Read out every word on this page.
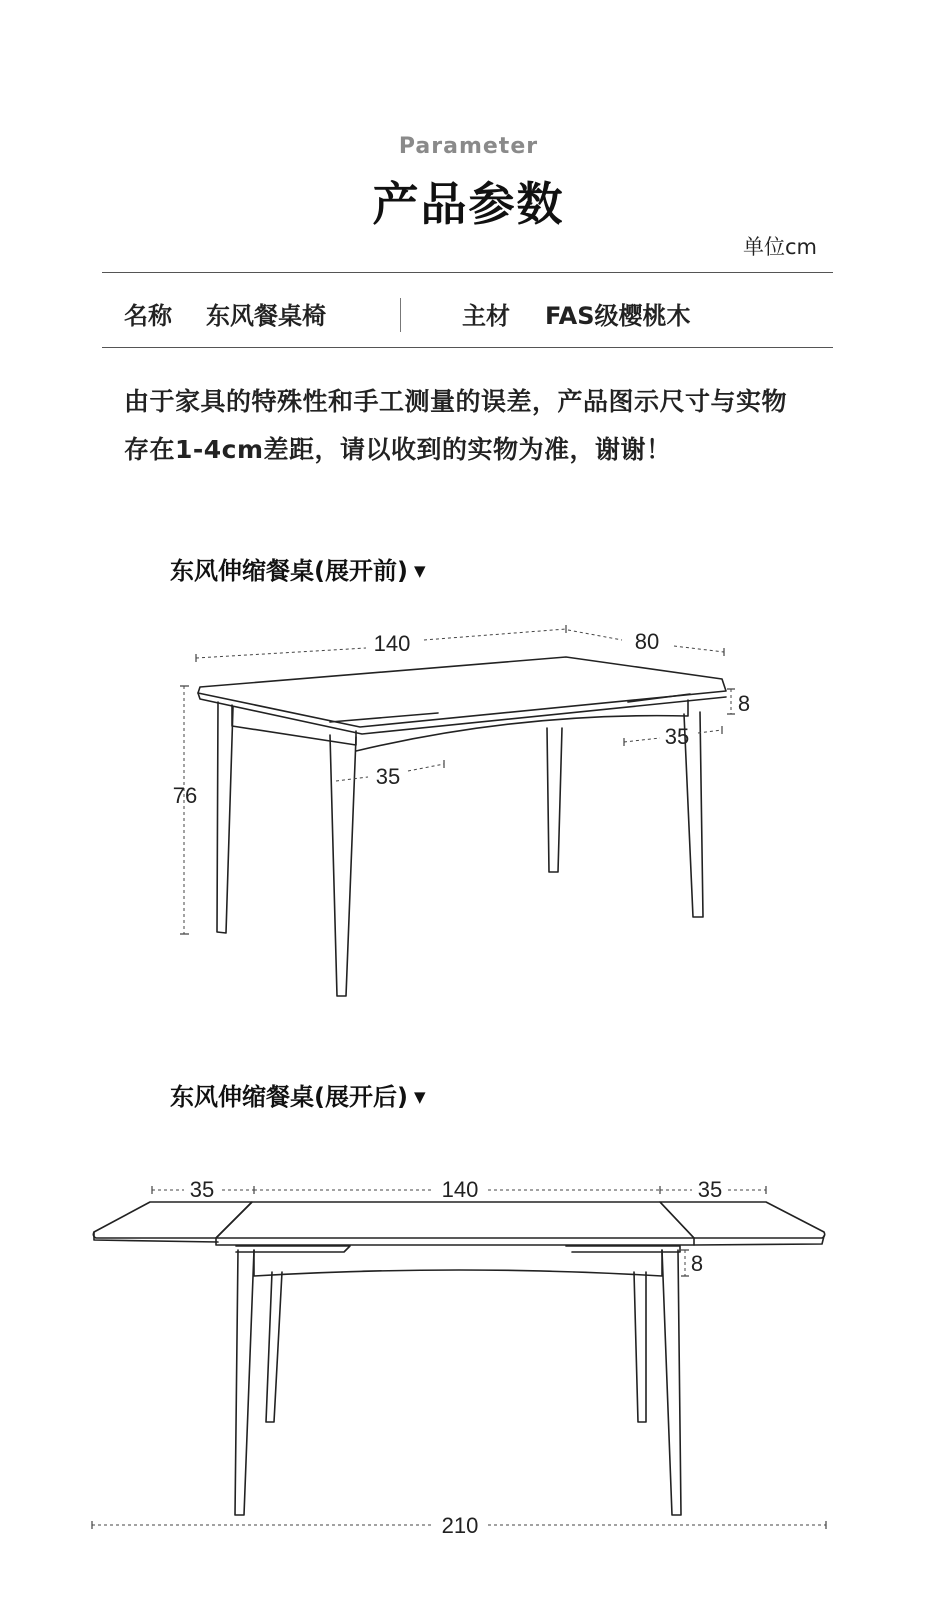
Parameter
产品参数
单位cm
名称 东风餐桌椅	主材 FAS级樱桃木
由于家具的特殊性和手工测量的误差，产品图示尺寸与实物
存在1-4cm差距，请以收到的实物为准，谢谢！
东风伸缩餐桌(展开前) ▼
140	80
76
8
35
35
东风伸缩餐桌(展开后) ▼
35	140	35
8
210
